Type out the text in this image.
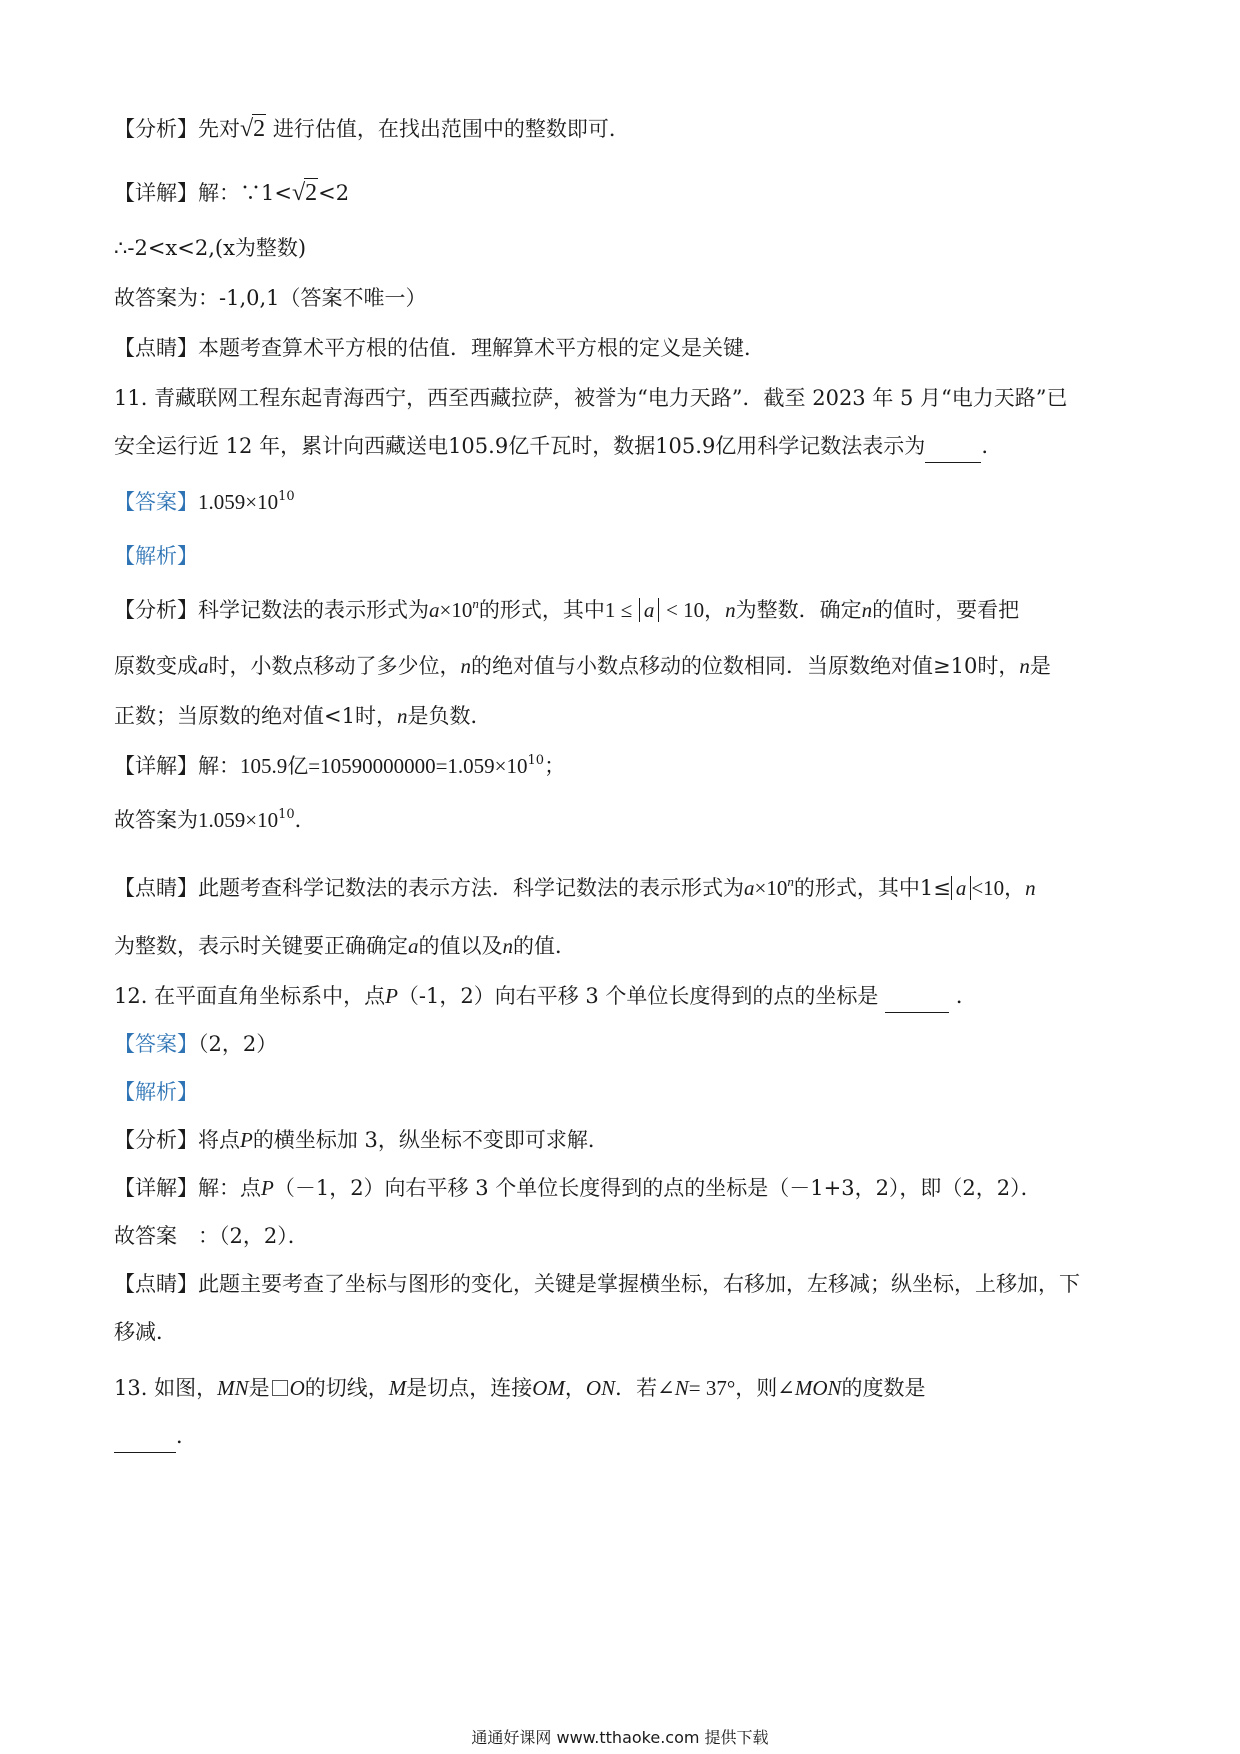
【分析】先对√2 进行估值，在找出范围中的整数即可．
【详解】解：∵1<√2<2
∴-2<x<2,(x为整数)
故答案为：-1,0,1（答案不唯一）
【点睛】本题考查算术平方根的估值．理解算术平方根的定义是关键．
11. 青藏联网工程东起青海西宁，西至西藏拉萨，被誉为“电力天路”．截至 2023 年 5 月“电力天路”已
安全运行近 12 年，累计向西藏送电105.9亿千瓦时，数据105.9亿用科学记数法表示为	.
【答案】$1.059\times 10^{10}$
【解析】
【分析】科学记数法的表示形式为$a\times 10^n$的形式，其中1 ≤ a < 10，n为整数．确定n的值时，要看把
原数变成a时，小数点移动了多少位，n的绝对值与小数点移动的位数相同．当原数绝对值≥10时，n是
正数；当原数的绝对值<1时，n是负数．
【详解】解：105.9亿$=10590000000=1.059\times 10^{10}$；
故答案为$1.059\times 10^{10}$．
【点睛】此题考查科学记数法的表示方法．科学记数法的表示形式为$a\times 10^n$的形式，其中1≤ a <10，n
为整数，表示时关键要正确确定a的值以及n的值．
12. 在平面直角坐标系中，点P（-1，2）向右平移 3 个单位长度得到的点的坐标是	．
【答案】（2，2）
【解析】
【分析】将点P的横坐标加 3，纵坐标不变即可求解．
【详解】解：点P（－1，2）向右平移 3 个单位长度得到的点的坐标是（－1+3，2），即（2，2）．
故答案　：（2，2）．
【点睛】此题主要考查了坐标与图形的变化，关键是掌握横坐标，右移加，左移减；纵坐标，上移加，下
移减．
13. 如图，MN是 O的切线，M是切点，连接OM，ON．若∠N= 37°，则∠MON的度数是
．
通通好课网 www.tthaoke.com 提供下载
